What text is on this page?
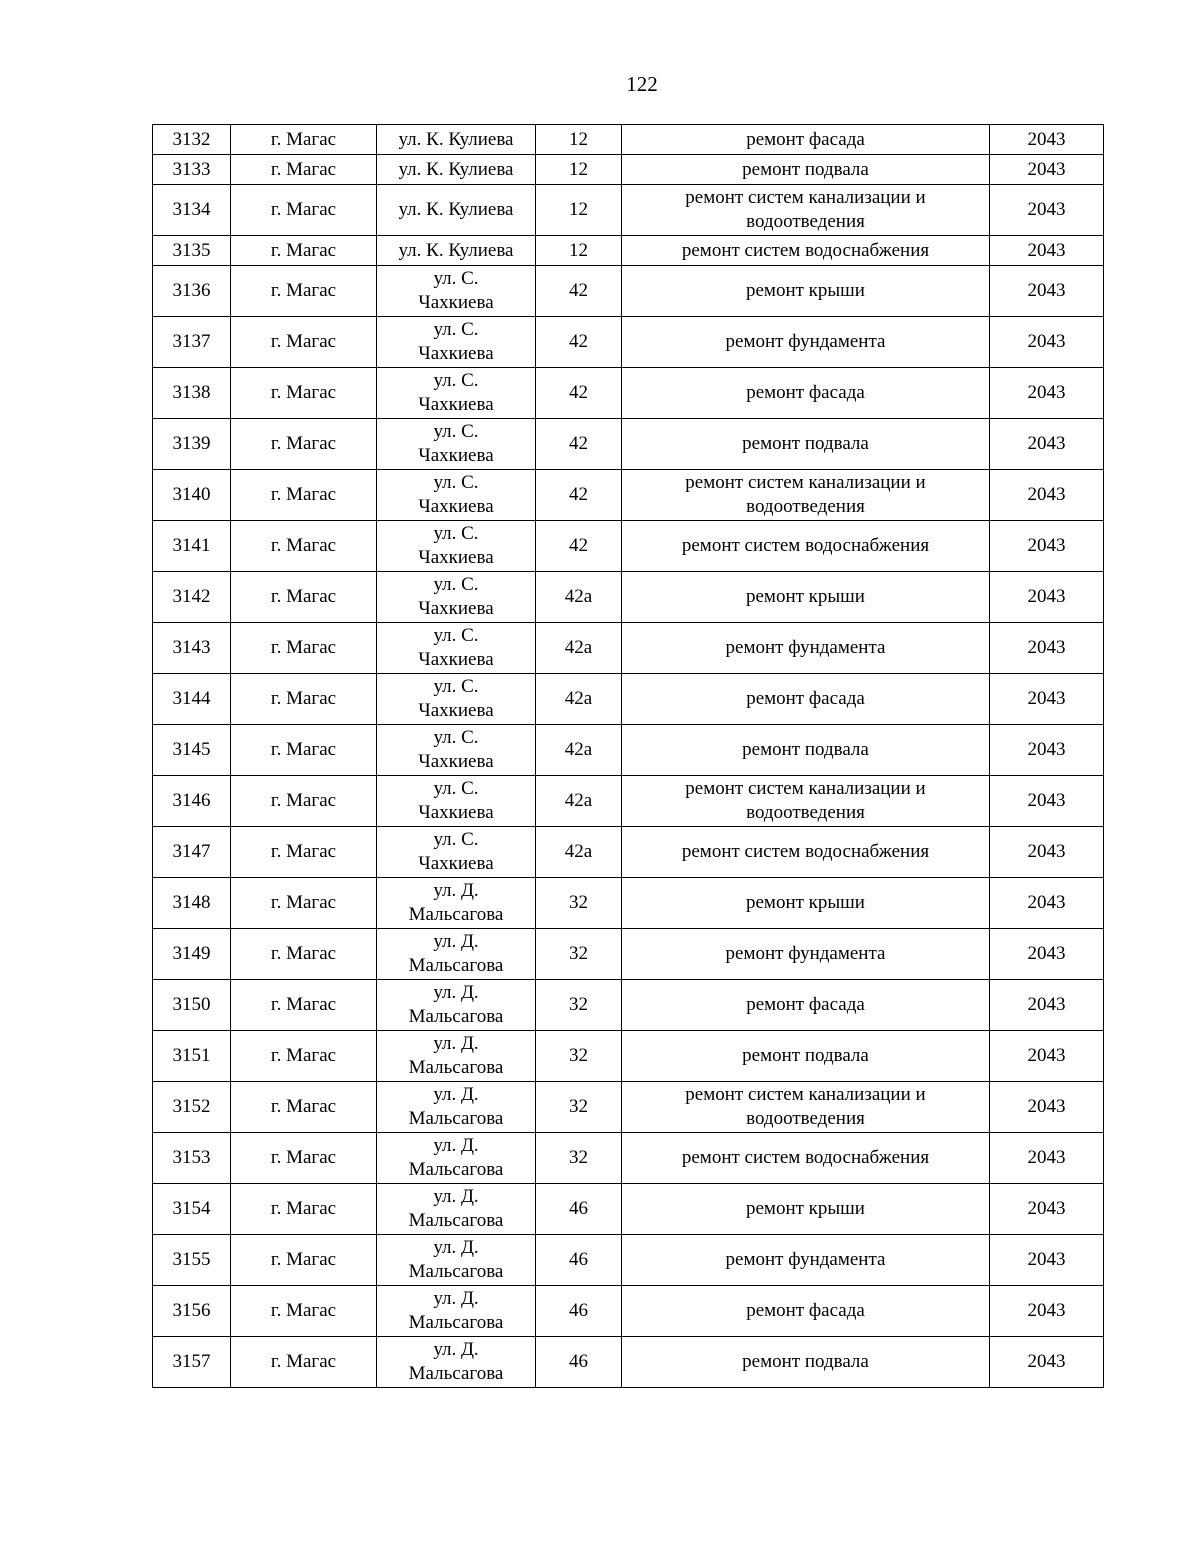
122
3132	г. Магас	ул. К. Кулиева	12	ремонт фасада	2043
3133	г. Магас	ул. К. Кулиева	12	ремонт подвала	2043
3134	г. Магас	ул. К. Кулиева	12	ремонт систем канализации и
водоотведения	2043
3135	г. Магас	ул. К. Кулиева	12	ремонт систем водоснабжения	2043
3136	г. Магас	ул. С.
Чахкиева	42	ремонт крыши	2043
3137	г. Магас	ул. С.
Чахкиева	42	ремонт фундамента	2043
3138	г. Магас	ул. С.
Чахкиева	42	ремонт фасада	2043
3139	г. Магас	ул. С.
Чахкиева	42	ремонт подвала	2043
3140	г. Магас	ул. С.
Чахкиева	42	ремонт систем канализации и
водоотведения	2043
3141	г. Магас	ул. С.
Чахкиева	42	ремонт систем водоснабжения	2043
3142	г. Магас	ул. С.
Чахкиева	42а	ремонт крыши	2043
3143	г. Магас	ул. С.
Чахкиева	42а	ремонт фундамента	2043
3144	г. Магас	ул. С.
Чахкиева	42а	ремонт фасада	2043
3145	г. Магас	ул. С.
Чахкиева	42а	ремонт подвала	2043
3146	г. Магас	ул. С.
Чахкиева	42а	ремонт систем канализации и
водоотведения	2043
3147	г. Магас	ул. С.
Чахкиева	42а	ремонт систем водоснабжения	2043
3148	г. Магас	ул. Д.
Мальсагова	32	ремонт крыши	2043
3149	г. Магас	ул. Д.
Мальсагова	32	ремонт фундамента	2043
3150	г. Магас	ул. Д.
Мальсагова	32	ремонт фасада	2043
3151	г. Магас	ул. Д.
Мальсагова	32	ремонт подвала	2043
3152	г. Магас	ул. Д.
Мальсагова	32	ремонт систем канализации и
водоотведения	2043
3153	г. Магас	ул. Д.
Мальсагова	32	ремонт систем водоснабжения	2043
3154	г. Магас	ул. Д.
Мальсагова	46	ремонт крыши	2043
3155	г. Магас	ул. Д.
Мальсагова	46	ремонт фундамента	2043
3156	г. Магас	ул. Д.
Мальсагова	46	ремонт фасада	2043
3157	г. Магас	ул. Д.
Мальсагова	46	ремонт подвала	2043
